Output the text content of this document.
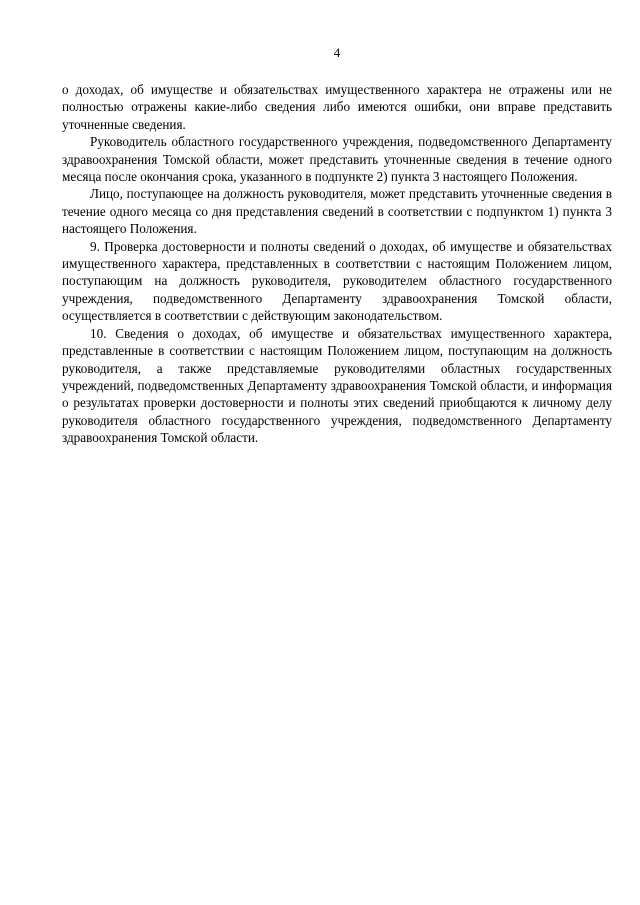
4

о доходах, об имуществе и обязательствах имущественного характера не отражены или не полностью отражены какие-либо сведения либо имеются ошибки, они вправе представить уточненные сведения.

Руководитель областного государственного учреждения, подведомственного Департаменту здравоохранения Томской области, может представить уточненные сведения в течение одного месяца после окончания срока, указанного в подпункте 2) пункта 3 настоящего Положения.

Лицо, поступающее на должность руководителя, может представить уточненные сведения в течение одного месяца со дня представления сведений в соответствии с подпунктом 1) пункта 3 настоящего Положения.

9. Проверка достоверности и полноты сведений о доходах, об имуществе и обязательствах имущественного характера, представленных в соответствии с настоящим Положением лицом, поступающим на должность руководителя, руководителем областного государственного учреждения, подведомственного Департаменту здравоохранения Томской области, осуществляется в соответствии с действующим законодательством.

10. Сведения о доходах, об имуществе и обязательствах имущественного характера, представленные в соответствии с настоящим Положением лицом, поступающим на должность руководителя, а также представляемые руководителями областных государственных учреждений, подведомственных Департаменту здравоохранения Томской области, и информация о результатах проверки достоверности и полноты этих сведений приобщаются к личному делу руководителя областного государственного учреждения, подведомственного Департаменту здравоохранения Томской области.
